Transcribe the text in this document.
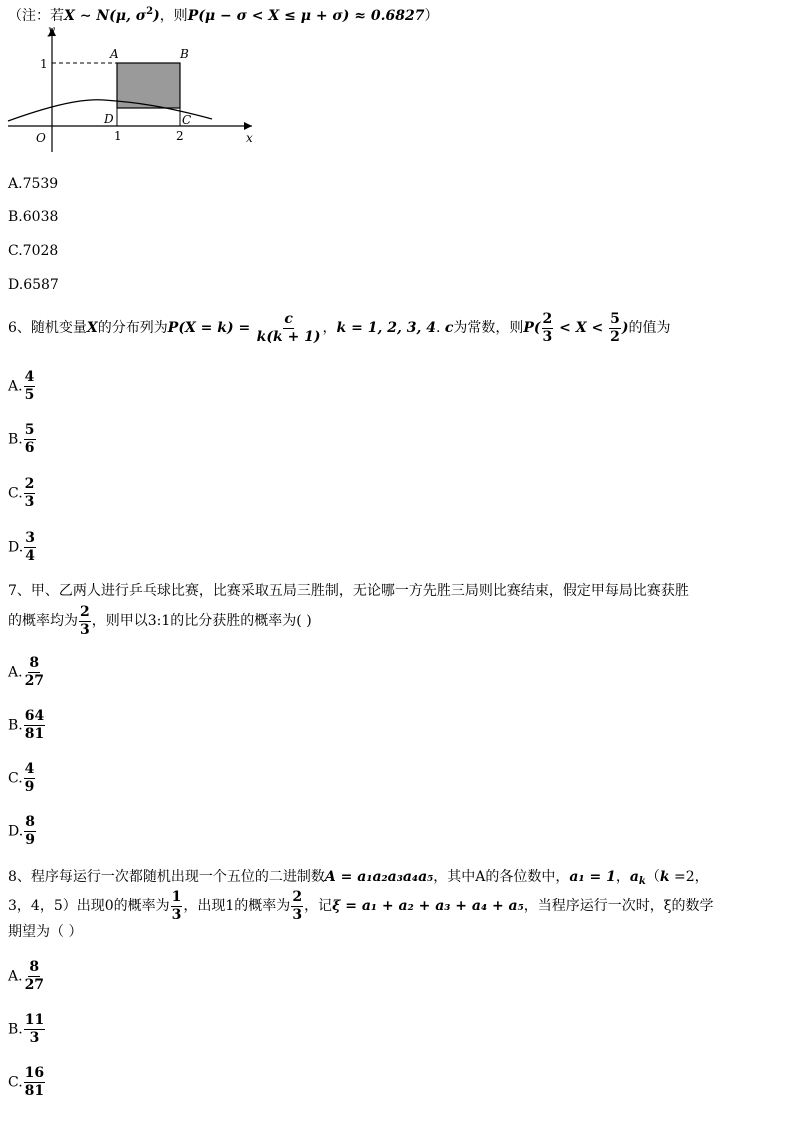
（注：若X ∼ N(μ, $\sigma^2$)，则P(μ − σ < X ≤ μ + σ) ≈ 0.6827）
y
x
O
1
1	2
A	B
C
D
A.7539
B.6038
C.7028
D.6587
6、随机变量X的分布列为$P(X = k) = \frac{c}{k(k + 1)}$ ，k = 1, 2, 3, 4. c为常数，则$P( \frac{2}{3} < X < \frac{5}{2}$ )的值为
A. $\frac{4}{5}$
B. $\frac{5}{6}$
C. $\frac{2}{3}$
D. $\frac{3}{4}$
7、甲、乙两人进行乒乓球比赛，比赛采取五局三胜制，无论哪一方先胜三局则比赛结束，假定甲每局比赛获胜
的概率均为 $\frac{2}{3}$ ，则甲以3:1的比分获胜的概率为( )
A. $\frac{8}{27}$
B. $\frac{64}{81}$
C. $\frac{4}{9}$
D. $\frac{8}{9}$
8、程序每运行一次都随机出现一个五位的二进制数A = a₁a₂a₃a₄a₅，其中A的各位数中，a₁ = 1，$a_k(k =2$，
3，4，5）出现0的概率为 $\frac{1}{3}$ ，出现1的概率为 $\frac{2}{3}$ ，记ξ = a₁ + a₂ + a₃ + a₄ + a₅，当程序运行一次时，ξ的数学
期望为（ ）
A. $\frac{8}{27}$
B. $\frac{11}{3}$
C. $\frac{16}{81}$
